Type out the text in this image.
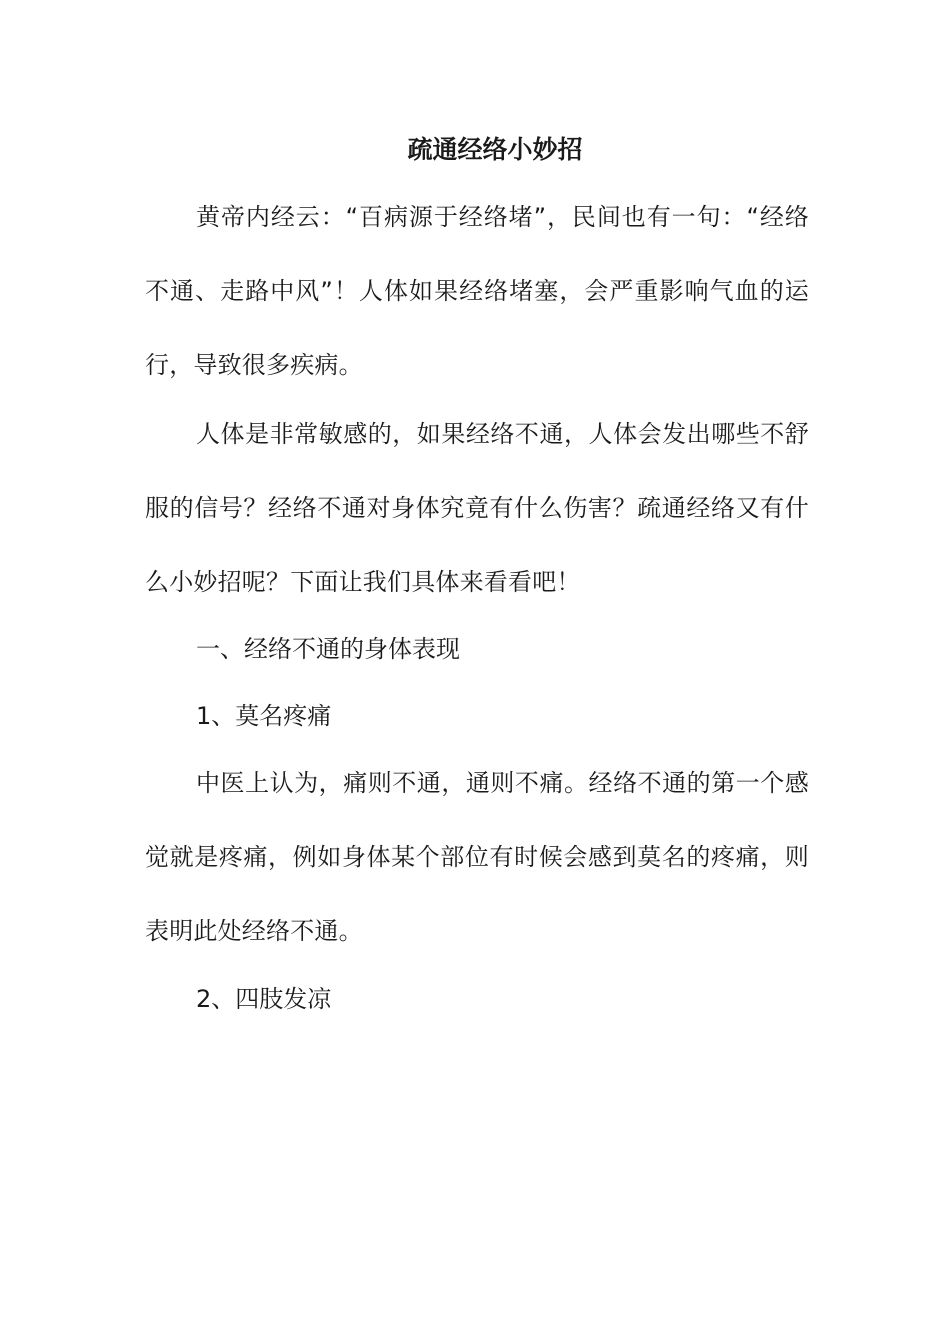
疏通经络小妙招

黄帝内经云：“百病源于经络堵”，民间也有一句：“经络不通、走路中风”！人体如果经络堵塞，会严重影响气血的运行，导致很多疾病。

人体是非常敏感的，如果经络不通，人体会发出哪些不舒服的信号？经络不通对身体究竟有什么伤害？疏通经络又有什么小妙招呢？下面让我们具体来看看吧！

一、经络不通的身体表现

1、莫名疼痛

中医上认为，痛则不通，通则不痛。经络不通的第一个感觉就是疼痛，例如身体某个部位有时候会感到莫名的疼痛，则表明此处经络不通。

2、四肢发凉
